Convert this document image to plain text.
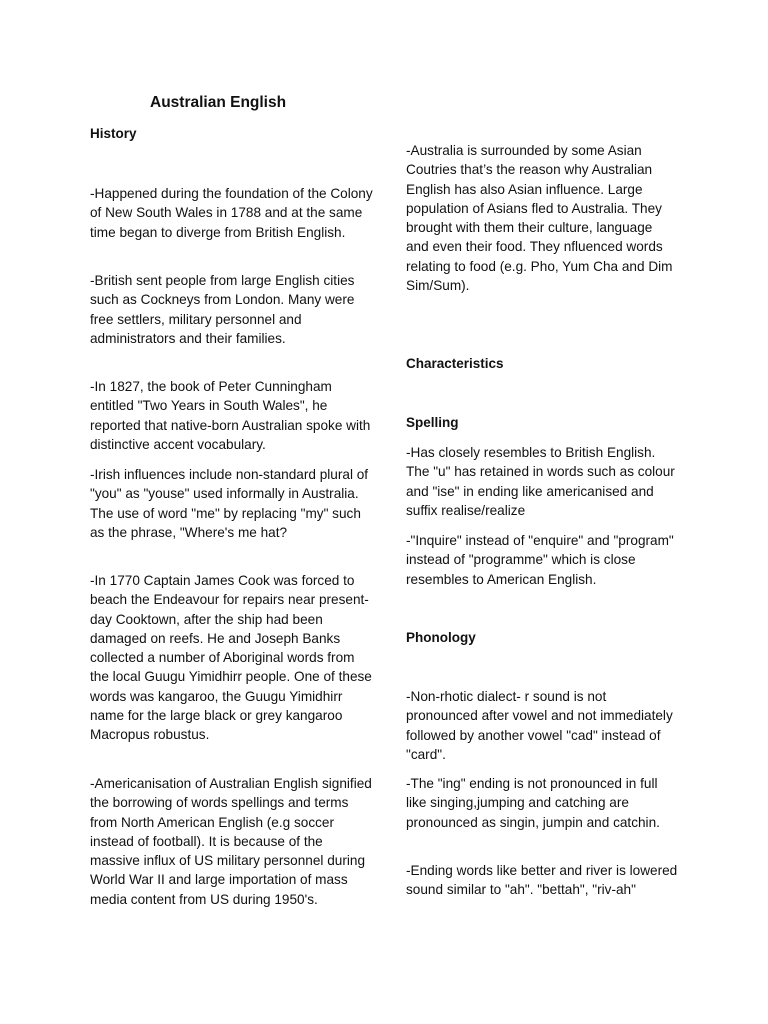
Australian English
History

-Happened during the foundation of the Colony of New South Wales in 1788 and at the same time began to diverge from British English.

-British sent people from large English cities such as Cockneys from London. Many were free settlers, military personnel and administrators and their families.

-In 1827, the book of Peter Cunningham entitled "Two Years in South Wales", he reported that native-born Australian spoke with distinctive accent vocabulary.

-Irish influences include non-standard plural of "you" as "youse" used informally in Australia. The use of word "me" by replacing "my" such as the phrase, "Where's me hat?

-In 1770 Captain James Cook was forced to beach the Endeavour for repairs near present-day Cooktown, after the ship had been damaged on reefs. He and Joseph Banks collected a number of Aboriginal words from the local Guugu Yimidhirr people. One of these words was kangaroo, the Guugu Yimidhirr name for the large black or grey kangaroo Macropus robustus.

-Americanisation of Australian English signified the borrowing of words spellings and terms from North American English (e.g soccer instead of football). It is because of the massive influx of US military personnel during World War II and large importation of mass media content from US during 1950's.

-Australia is surrounded by some Asian Coutries that’s the reason why Australian English has also Asian influence. Large population of Asians fled to Australia. They brought with them their culture, language and even their food. They nfluenced words relating to food (e.g. Pho, Yum Cha and Dim Sim/Sum).

Characteristics
Spelling

-Has closely resembles to British English. The "u" has retained in words such as colour and "ise" in ending like americanised and suffix realise/realize

-"Inquire" instead of "enquire" and "program" instead of "programme" which is close resembles to American English.

Phonology

-Non-rhotic dialect- r sound is not pronounced after vowel and not immediately followed by another vowel "cad" instead of "card".

-The "ing" ending is not pronounced in full like singing,jumping and catching are pronounced as singin, jumpin and catchin.

-Ending words like better and river is lowered sound similar to "ah". "bettah", "riv-ah"
